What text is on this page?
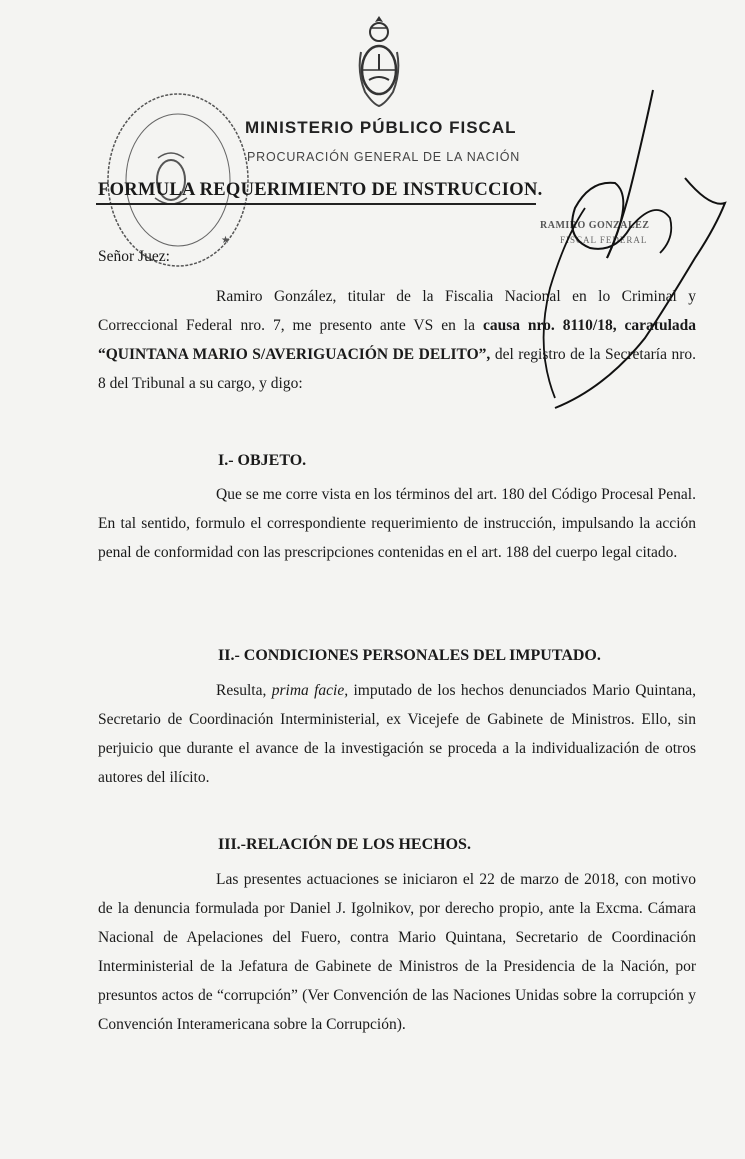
★
MINISTERIO PÚBLICO FISCAL
PROCURACIÓN GENERAL DE LA NACIÓN
FORMULA REQUERIMIENTO DE INSTRUCCION.
RAMIRO GONZALEZ
FISCAL FEDERAL
Señor Juez:

Ramiro González, titular de la Fiscalia Nacional en lo Criminal y Correccional Federal nro. 7, me presento ante VS en la causa nro. 8110/18, caratulada “QUINTANA MARIO S/AVERIGUACIÓN DE DELITO”, del registro de la Secretaría nro. 8 del Tribunal a su cargo, y digo:

I.- OBJETO.

Que se me corre vista en los términos del art. 180 del Código Procesal Penal. En tal sentido, formulo el correspondiente requerimiento de instrucción, impulsando la acción penal de conformidad con las prescripciones contenidas en el art. 188 del cuerpo legal citado.

II.- CONDICIONES PERSONALES DEL IMPUTADO.

Resulta, prima facie, imputado de los hechos denunciados Mario Quintana, Secretario de Coordinación Interministerial, ex Vicejefe de Gabinete de Ministros. Ello, sin perjuicio que durante el avance de la investigación se proceda a la individualización de otros autores del ilícito.

III.-RELACIÓN DE LOS HECHOS.

Las presentes actuaciones se iniciaron el 22 de marzo de 2018, con motivo de la denuncia formulada por Daniel J. Igolnikov, por derecho propio, ante la Excma. Cámara Nacional de Apelaciones del Fuero, contra Mario Quintana, Secretario de Coordinación Interministerial de la Jefatura de Gabinete de Ministros de la Presidencia de la Nación, por presuntos actos de “corrupción” (Ver Convención de las Naciones Unidas sobre la corrupción y Convención Interamericana sobre la Corrupción).
